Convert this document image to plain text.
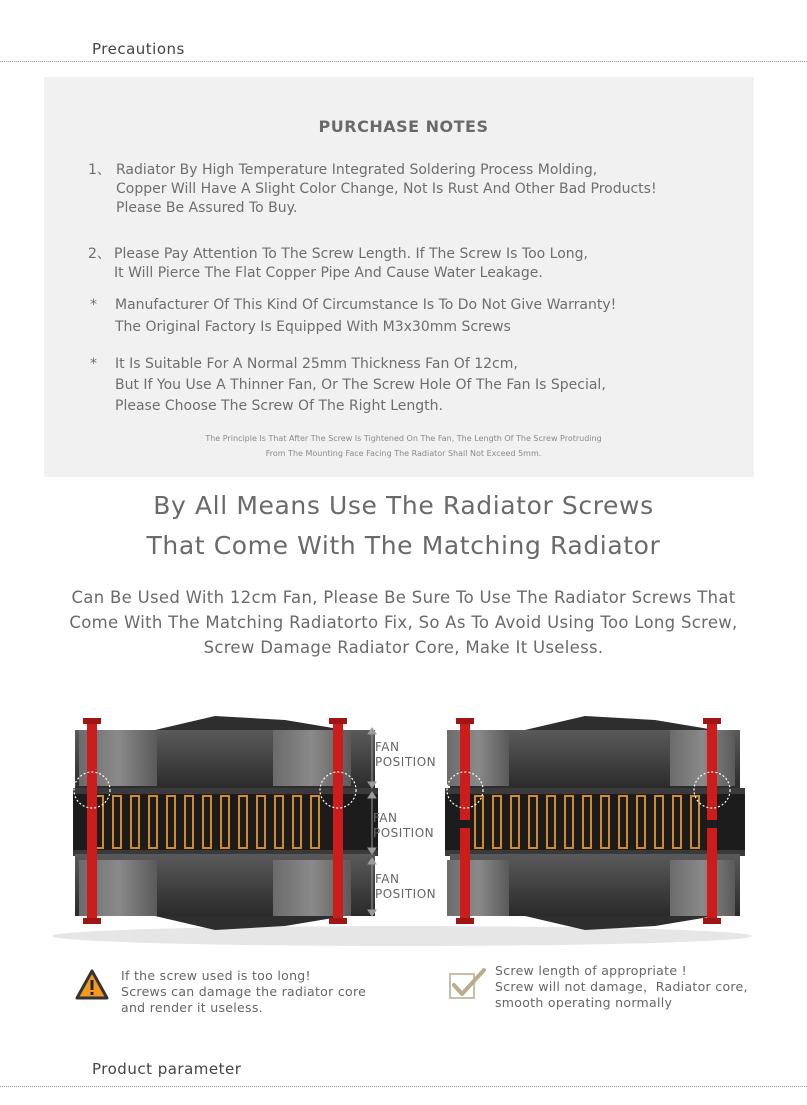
Precautions
PURCHASE NOTES
1、 Radiator By High Temperature Integrated Soldering Process Molding,
Copper Will Have A Slight Color Change, Not Is Rust And Other Bad Products!
Please Be Assured To Buy.
2、 Please Pay Attention To The Screw Length. If The Screw Is Too Long,
It Will Pierce The Flat Copper Pipe And Cause Water Leakage.
* Manufacturer Of This Kind Of Circumstance Is To Do Not Give Warranty!
The Original Factory Is Equipped With M3x30mm Screws
* It Is Suitable For A Normal 25mm Thickness Fan Of 12cm,
But If You Use A Thinner Fan, Or The Screw Hole Of The Fan Is Special,
Please Choose The Screw Of The Right Length.
The Principle Is That After The Screw Is Tightened On The Fan, The Length Of The Screw Protruding
From The Mounting Face Facing The Radiator Shall Not Exceed 5mm.
By All Means Use The Radiator Screws
That Come With The Matching Radiator
Can Be Used With 12cm Fan, Please Be Sure To Use The Radiator Screws That
Come With The Matching Radiatorto Fix, So As To Avoid Using Too Long Screw,
Screw Damage Radiator Core, Make It Useless.
FAN
POSITION
FAN
POSITION
FAN
POSITION
If the screw used is too long!
Screws can damage the radiator core
and render it useless.
Screw length of appropriate !
Screw will not damage，Radiator core,
smooth operating normally
Product parameter
